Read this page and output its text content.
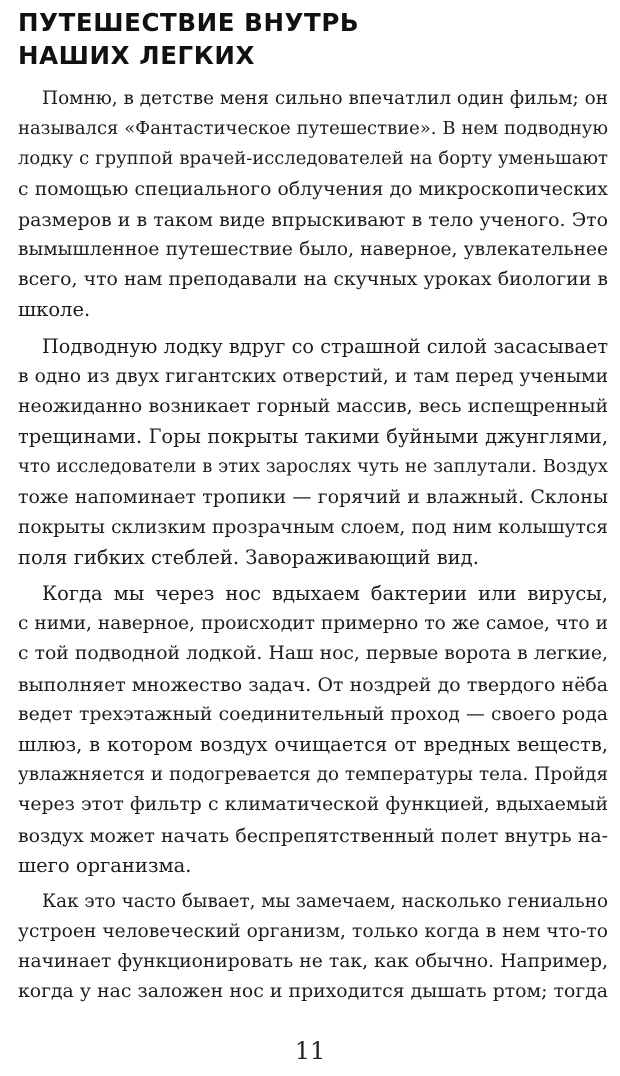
ПУТЕШЕСТВИЕ ВНУТРЬ
НАШИХ ЛЕГКИХ

Помню, в детстве меня сильно впечатлил один фильм; он
назывался «Фантастическое путешествие». В нем подводную
лодку с группой врачей-исследователей на борту уменьшают
с помощью специального облучения до микроскопических
размеров и в таком виде впрыскивают в тело ученого. Это
вымышленное путешествие было, наверное, увлекательнее
всего, что нам преподавали на скучных уроках биологии в
школе.

Подводную лодку вдруг со страшной силой засасывает
в одно из двух гигантских отверстий, и там перед учеными
неожиданно возникает горный массив, весь испещренный
трещинами. Горы покрыты такими буйными джунглями,
что исследователи в этих зарослях чуть не заплутали. Воздух
тоже напоминает тропики — горячий и влажный. Склоны
покрыты склизким прозрачным слоем, под ним колышутся
поля гибких стеблей. Завораживающий вид.

Когда мы через нос вдыхаем бактерии или вирусы,
с ними, наверное, происходит примерно то же самое, что и
с той подводной лодкой. Наш нос, первые ворота в легкие,
выполняет множество задач. От ноздрей до твердого нёба
ведет трехэтажный соединительный проход — своего рода
шлюз, в котором воздух очищается от вредных веществ,
увлажняется и подогревается до температуры тела. Пройдя
через этот фильтр с климатической функцией, вдыхаемый
воздух может начать беспрепятственный полет внутрь на-
шего организма.

Как это часто бывает, мы замечаем, насколько гениально
устроен человеческий организм, только когда в нем что-то
начинает функционировать не так, как обычно. Например,
когда у нас заложен нос и приходится дышать ртом; тогда

11
